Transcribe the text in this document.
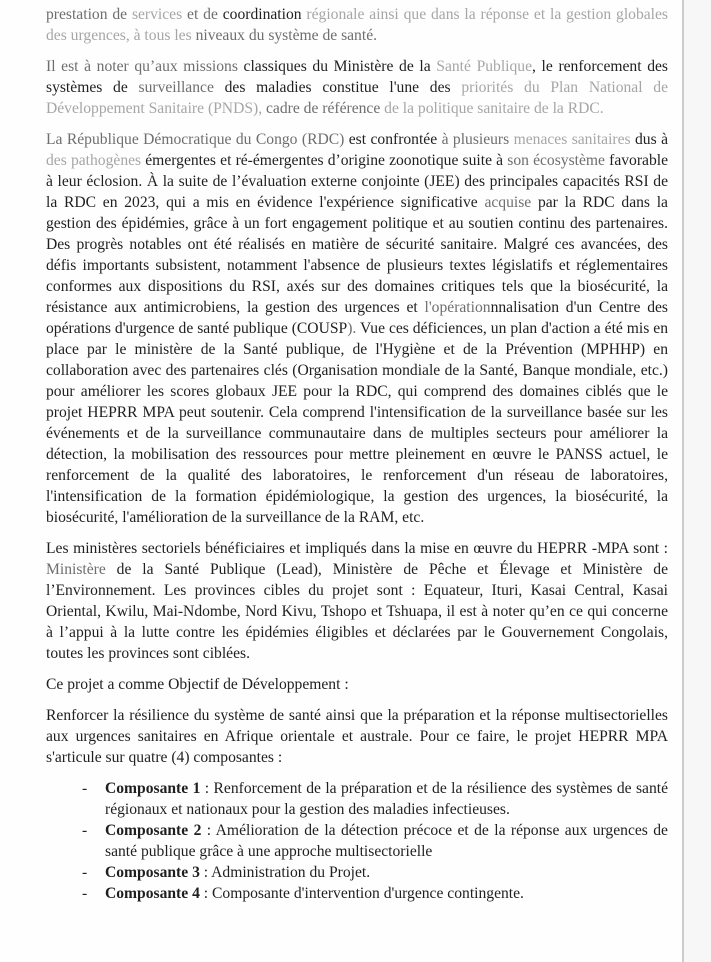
prestation de services et de coordination régionale ainsi que dans la réponse et la gestion globales des urgences, à tous les niveaux du système de santé.

Il est à noter qu’aux missions classiques du Ministère de la Santé Publique, le renforcement des systèmes de surveillance des maladies constitue l'une des priorités du Plan National de Développement Sanitaire (PNDS), cadre de référence de la politique sanitaire de la RDC.

La République Démocratique du Congo (RDC) est confrontée à plusieurs menaces sanitaires dus à des pathogènes émergentes et ré-émergentes d’origine zoonotique suite à son écosystème favorable à leur éclosion. À la suite de l’évaluation externe conjointe (JEE) des principales capacités RSI de la RDC en 2023, qui a mis en évidence l'expérience significative acquise par la RDC dans la gestion des épidémies, grâce à un fort engagement politique et au soutien continu des partenaires. Des progrès notables ont été réalisés en matière de sécurité sanitaire. Malgré ces avancées, des défis importants subsistent, notamment l'absence de plusieurs textes législatifs et réglementaires conformes aux dispositions du RSI, axés sur des domaines critiques tels que la biosécurité, la résistance aux antimicrobiens, la gestion des urgences et l'opérationnnalisation d'un Centre des opérations d'urgence de santé publique (COUSP). Vue ces déficiences, un plan d'action a été mis en place par le ministère de la Santé publique, de l'Hygiène et de la Prévention (MPHHP) en collaboration avec des partenaires clés (Organisation mondiale de la Santé, Banque mondiale, etc.) pour améliorer les scores globaux JEE pour la RDC, qui comprend des domaines ciblés que le projet HEPRR MPA peut soutenir. Cela comprend l'intensification de la surveillance basée sur les événements et de la surveillance communautaire dans de multiples secteurs pour améliorer la détection, la mobilisation des ressources pour mettre pleinement en œuvre le PANSS actuel, le renforcement de la qualité des laboratoires, le renforcement d'un réseau de laboratoires, l'intensification de la formation épidémiologique, la gestion des urgences, la biosécurité, la biosécurité, l'amélioration de la surveillance de la RAM, etc.

Les ministères sectoriels bénéficiaires et impliqués dans la mise en œuvre du HEPRR -MPA sont : Ministère de la Santé Publique (Lead), Ministère de Pêche et Élevage et Ministère de l’Environnement. Les provinces cibles du projet sont : Equateur, Ituri, Kasai Central, Kasai Oriental, Kwilu, Mai-Ndombe, Nord Kivu, Tshopo et Tshuapa, il est à noter qu’en ce qui concerne à l’appui à la lutte contre les épidémies éligibles et déclarées par le Gouvernement Congolais, toutes les provinces sont ciblées.

Ce projet a comme Objectif de Développement :

Renforcer la résilience du système de santé ainsi que la préparation et la réponse multisectorielles aux urgences sanitaires en Afrique orientale et australe. Pour ce faire, le projet HEPRR MPA s'articule sur quatre (4) composantes :

-	Composante 1 : Renforcement de la préparation et de la résilience des systèmes de santé régionaux et nationaux pour la gestion des maladies infectieuses.
-	Composante 2 : Amélioration de la détection précoce et de la réponse aux urgences de santé publique grâce à une approche multisectorielle
-	Composante 3 : Administration du Projet.
-	Composante 4 : Composante d'intervention d'urgence contingente.
